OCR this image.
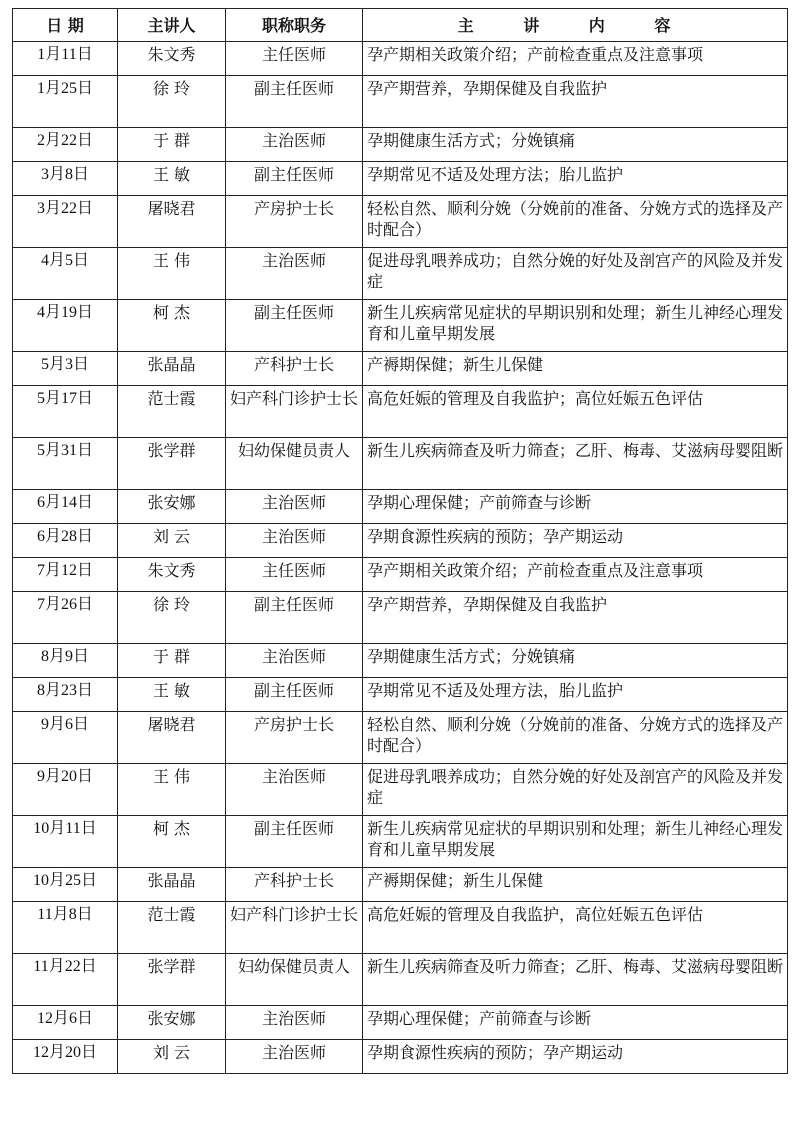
日 期	主讲人	职称职务	主 讲 内 容
1月11日	朱文秀	主任医师	孕产期相关政策介绍；产前检查重点及注意事项
1月25日	徐 玲	副主任医师	孕产期营养，孕期保健及自我监护
2月22日	于 群	主治医师	孕期健康生活方式；分娩镇痛
3月8日	王 敏	副主任医师	孕期常见不适及处理方法；胎儿监护
3月22日	屠晓君	产房护士长	轻松自然、顺利分娩（分娩前的准备、分娩方式的选择及产时配合）
4月5日	王 伟	主治医师	促进母乳喂养成功；自然分娩的好处及剖宫产的风险及并发症
4月19日	柯 杰	副主任医师	新生儿疾病常见症状的早期识别和处理；新生儿神经心理发育和儿童早期发展
5月3日	张晶晶	产科护士长	产褥期保健；新生儿保健
5月17日	范士霞	妇产科门诊护士长	高危妊娠的管理及自我监护；高位妊娠五色评估
5月31日	张学群	妇幼保健员责人	新生儿疾病筛查及听力筛查；乙肝、梅毒、艾滋病母婴阻断
6月14日	张安娜	主治医师	孕期心理保健；产前筛查与诊断
6月28日	刘 云	主治医师	孕期食源性疾病的预防；孕产期运动
7月12日	朱文秀	主任医师	孕产期相关政策介绍；产前检查重点及注意事项
7月26日	徐 玲	副主任医师	孕产期营养，孕期保健及自我监护
8月9日	于 群	主治医师	孕期健康生活方式；分娩镇痛
8月23日	王 敏	副主任医师	孕期常见不适及处理方法，胎儿监护
9月6日	屠晓君	产房护士长	轻松自然、顺利分娩（分娩前的准备、分娩方式的选择及产时配合）
9月20日	王 伟	主治医师	促进母乳喂养成功；自然分娩的好处及剖宫产的风险及并发症
10月11日	柯 杰	副主任医师	新生儿疾病常见症状的早期识别和处理；新生儿神经心理发育和儿童早期发展
10月25日	张晶晶	产科护士长	产褥期保健；新生儿保健
11月8日	范士霞	妇产科门诊护士长	高危妊娠的管理及自我监护，高位妊娠五色评估
11月22日	张学群	妇幼保健员责人	新生儿疾病筛查及听力筛查；乙肝、梅毒、艾滋病母婴阻断
12月6日	张安娜	主治医师	孕期心理保健；产前筛查与诊断
12月20日	刘 云	主治医师	孕期食源性疾病的预防；孕产期运动
